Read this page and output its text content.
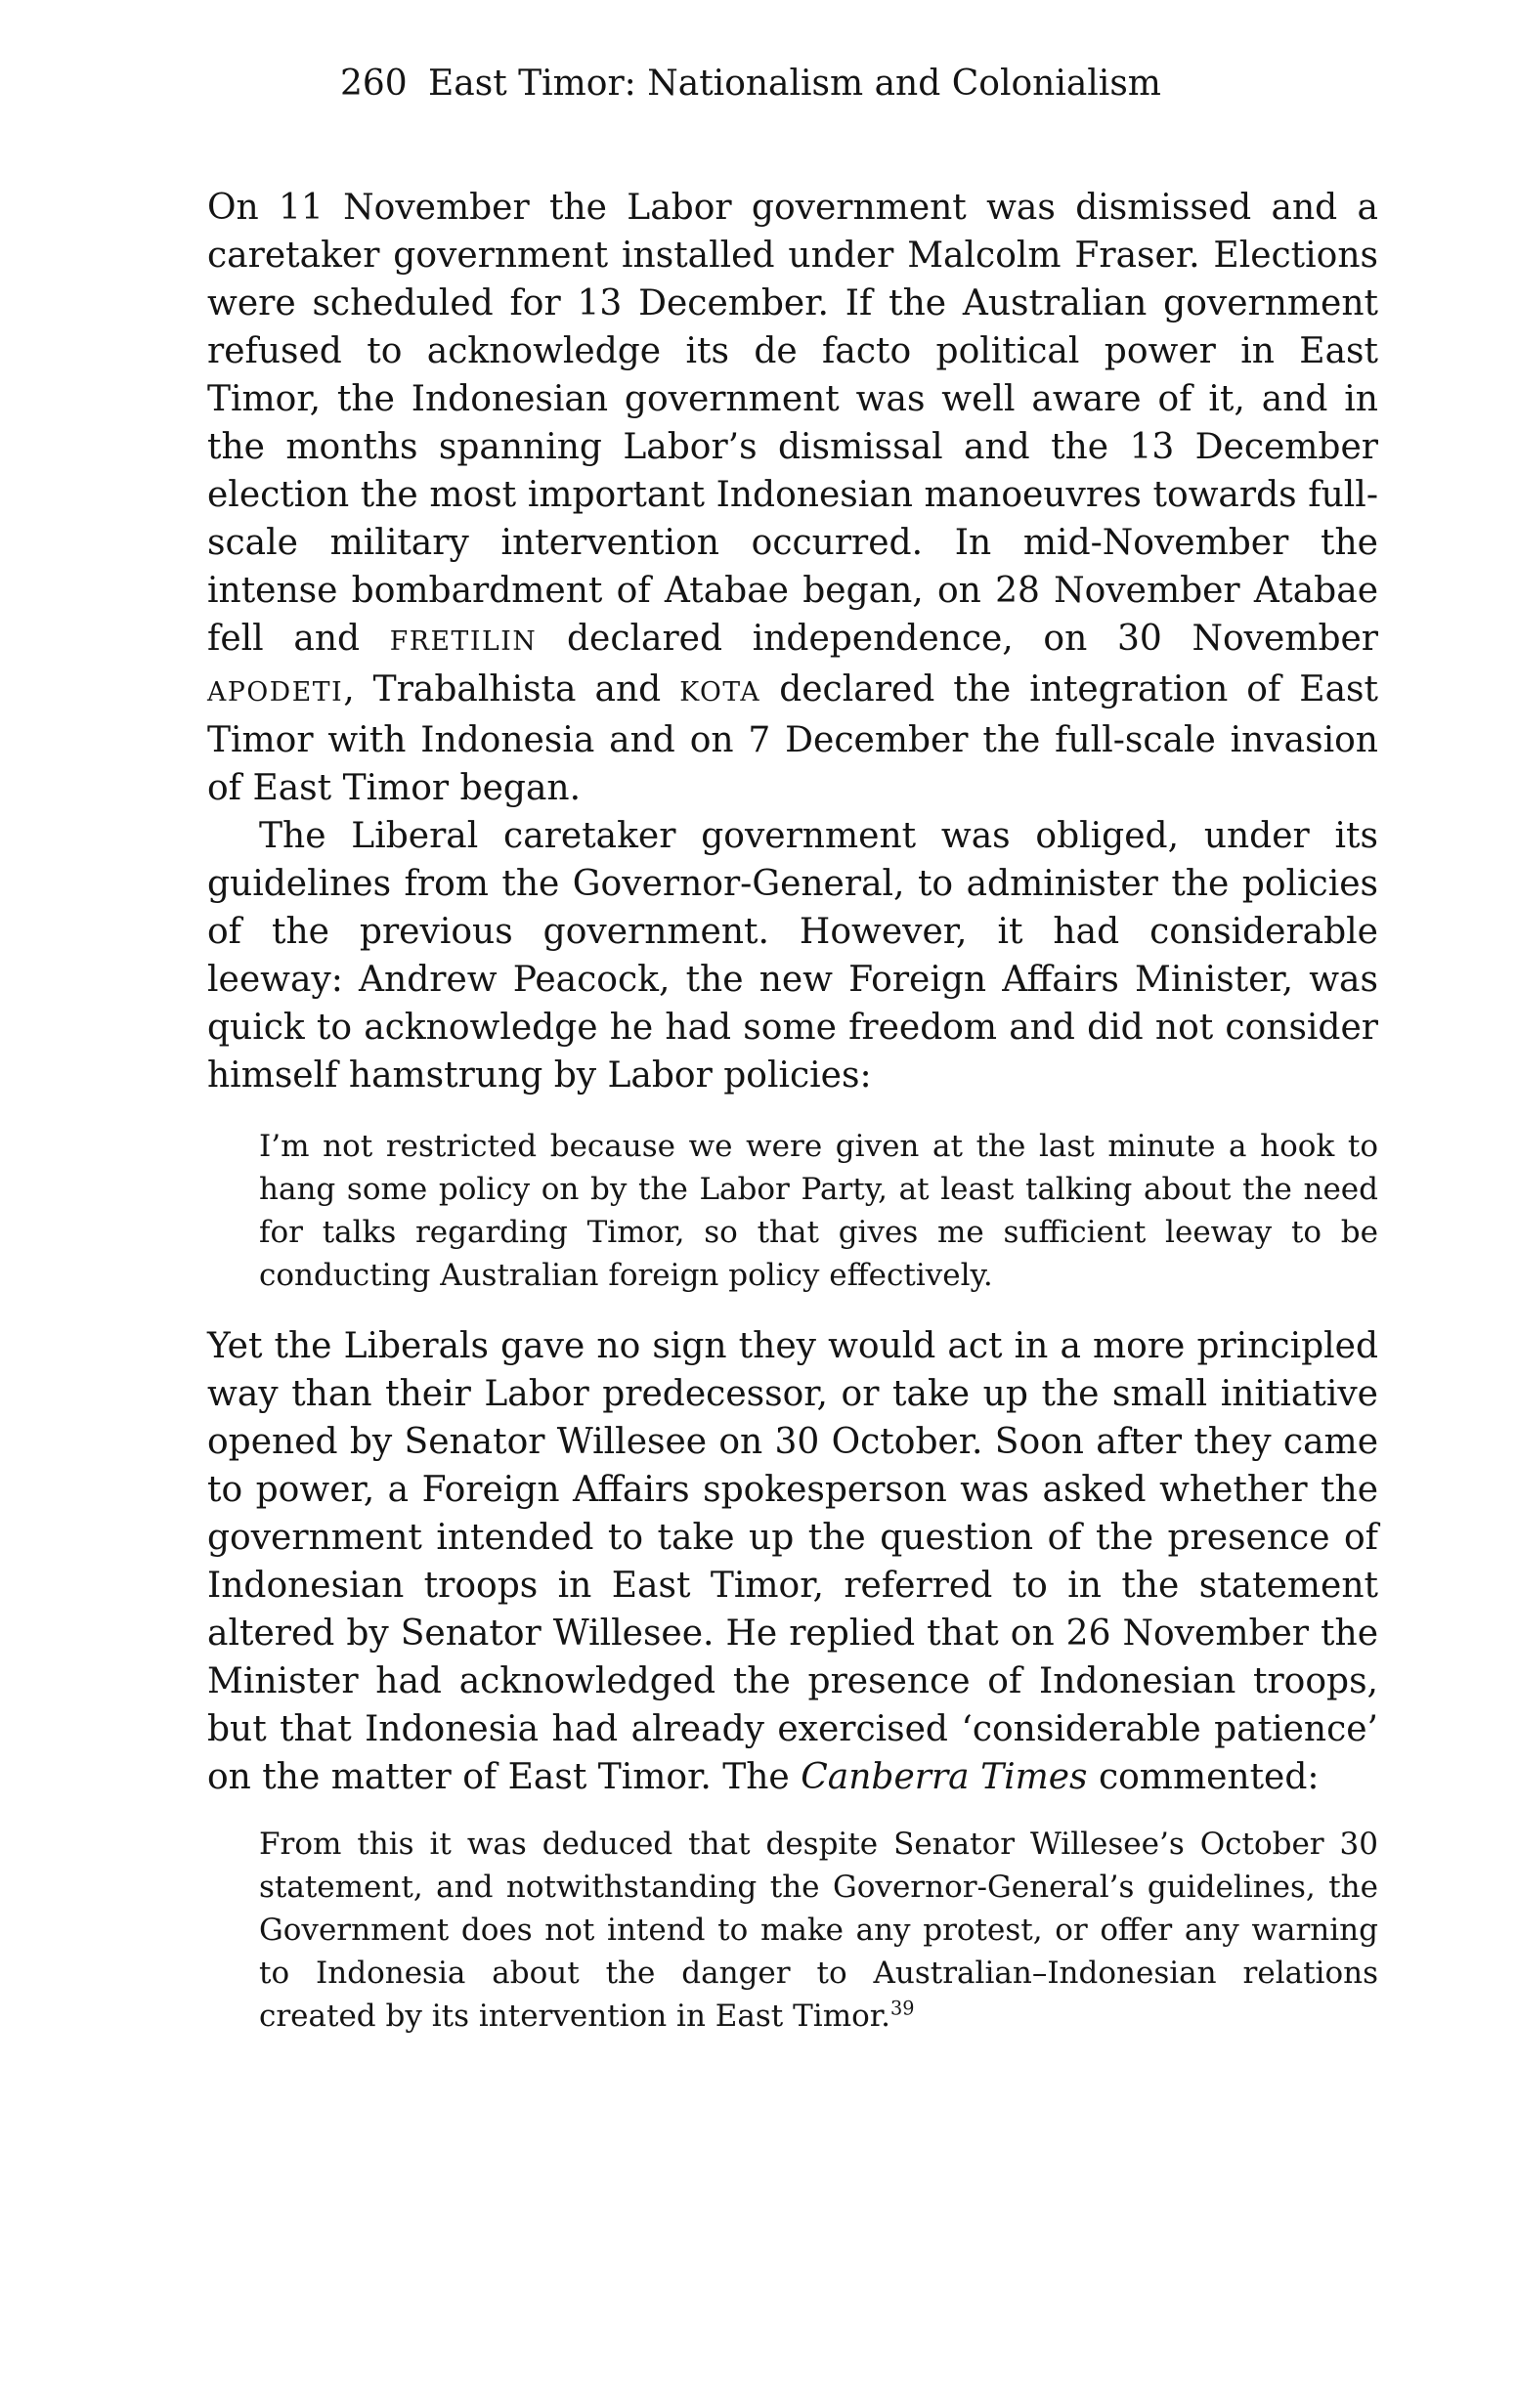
260 East Timor: Nationalism and Colonialism

On 11 November the Labor government was dismissed and a caretaker government installed under Malcolm Fraser. Elections were scheduled for 13 December. If the Australian government refused to acknowledge its de facto political power in East Timor, the Indonesian government was well aware of it, and in the months spanning Labor’s dismissal and the 13 December election the most important Indonesian manoeuvres towards full-scale military intervention occurred. In mid-November the intense bombardment of Atabae began, on 28 November Atabae fell and FRETILIN declared independence, on 30 November APODETI, Trabalhista and KOTA declared the integration of East Timor with Indonesia and on 7 December the full-scale invasion of East Timor began.

The Liberal caretaker government was obliged, under its guidelines from the Governor-General, to administer the policies of the previous government. However, it had considerable leeway: Andrew Peacock, the new Foreign Affairs Minister, was quick to acknowledge he had some freedom and did not consider himself hamstrung by Labor policies:

I’m not restricted because we were given at the last minute a hook to hang some policy on by the Labor Party, at least talking about the need for talks regarding Timor, so that gives me sufficient leeway to be conducting Australian foreign policy effectively.

Yet the Liberals gave no sign they would act in a more principled way than their Labor predecessor, or take up the small initiative opened by Senator Willesee on 30 October. Soon after they came to power, a Foreign Affairs spokesperson was asked whether the government intended to take up the question of the presence of Indonesian troops in East Timor, referred to in the statement altered by Senator Willesee. He replied that on 26 November the Minister had acknowledged the presence of Indonesian troops, but that Indonesia had already exercised ‘considerable patience’ on the matter of East Timor. The Canberra Times commented:

From this it was deduced that despite Senator Willesee’s October 30 statement, and notwithstanding the Governor-General’s guidelines, the Government does not intend to make any protest, or offer any warning to Indonesia about the danger to Australian–Indonesian relations created by its intervention in East Timor.$^{39}$
